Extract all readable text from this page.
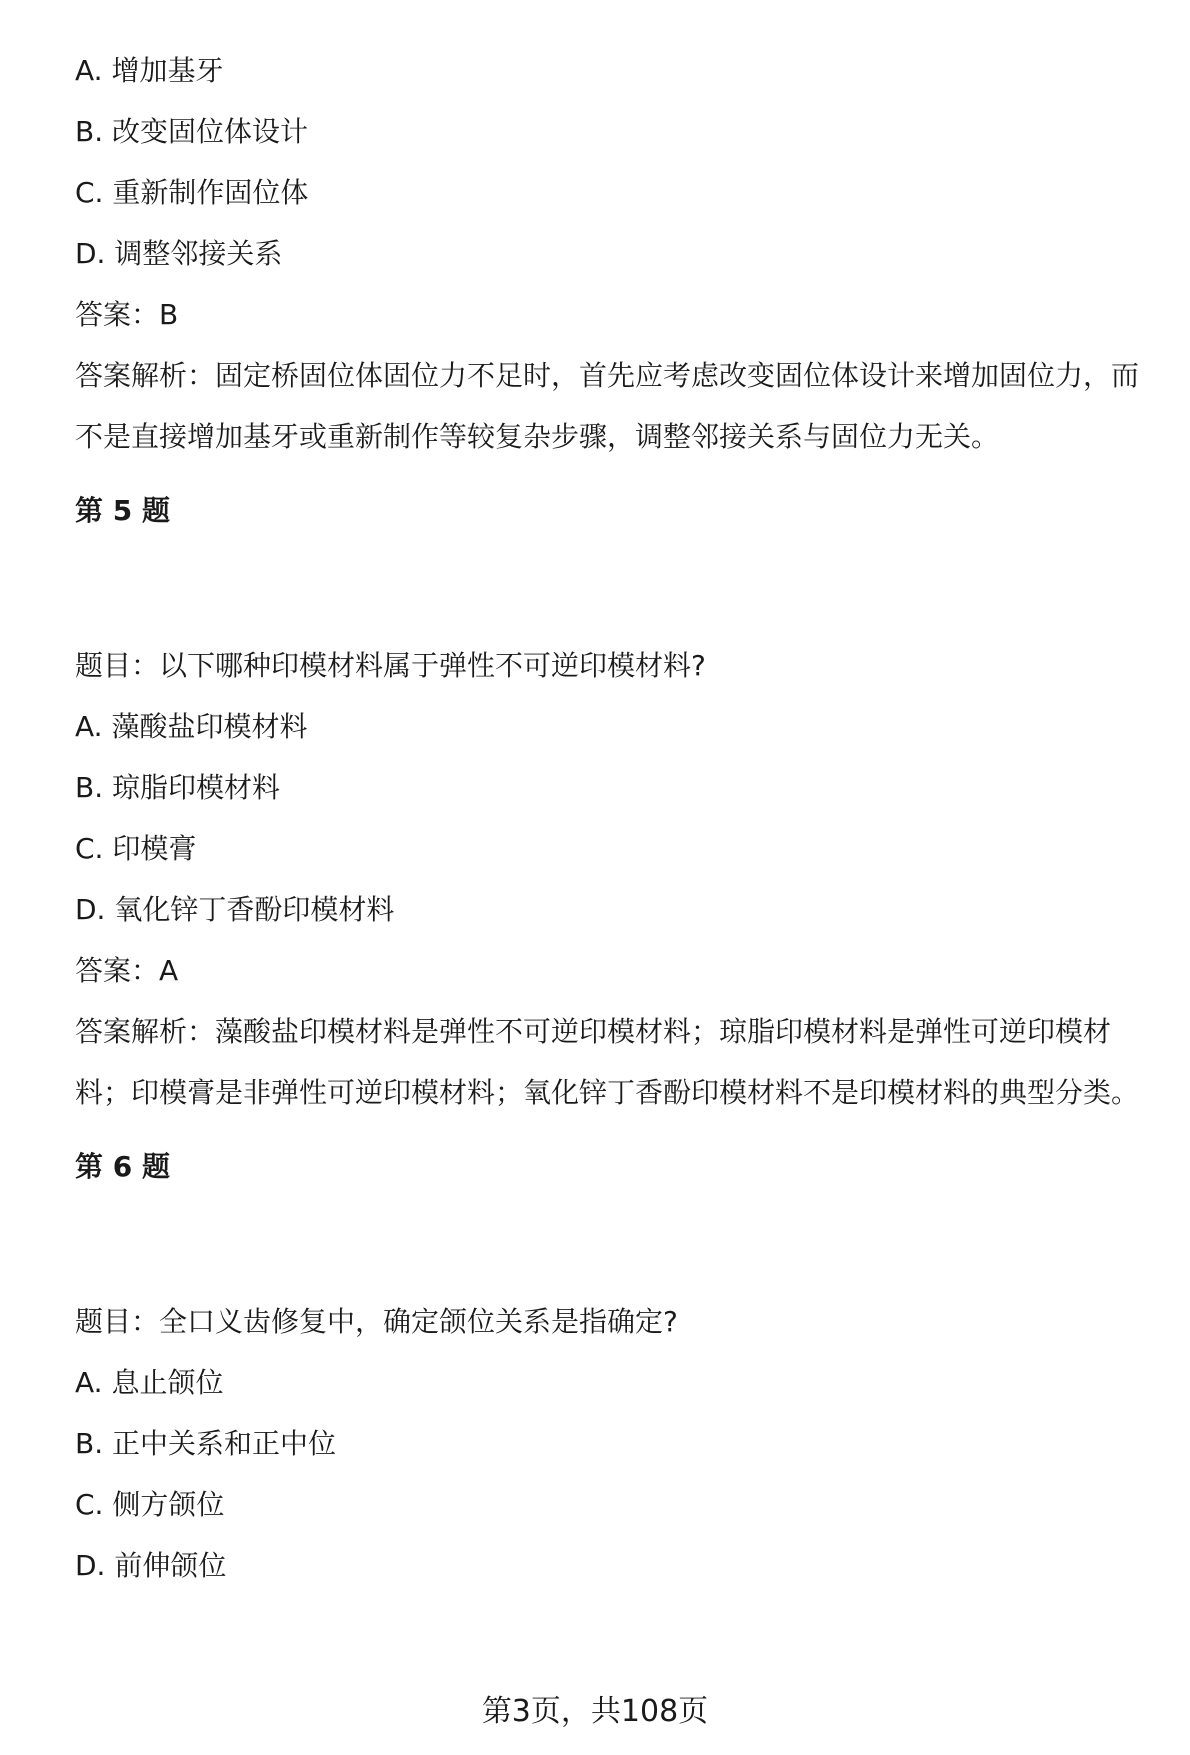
A. 增加基牙

B. 改变固位体设计

C. 重新制作固位体

D. 调整邻接关系

答案：B

答案解析：固定桥固位体固位力不足时，首先应考虑改变固位体设计来增加固位力，而不是直接增加基牙或重新制作等较复杂步骤，调整邻接关系与固位力无关。

第 5 题

题目：以下哪种印模材料属于弹性不可逆印模材料?

A. 藻酸盐印模材料

B. 琼脂印模材料

C. 印模膏

D. 氧化锌丁香酚印模材料

答案：A

答案解析：藻酸盐印模材料是弹性不可逆印模材料；琼脂印模材料是弹性可逆印模材料；印模膏是非弹性可逆印模材料；氧化锌丁香酚印模材料不是印模材料的典型分类。

第 6 题

题目：全口义齿修复中，确定颌位关系是指确定?

A. 息止颌位

B. 正中关系和正中位

C. 侧方颌位

D. 前伸颌位

第3页，共108页
